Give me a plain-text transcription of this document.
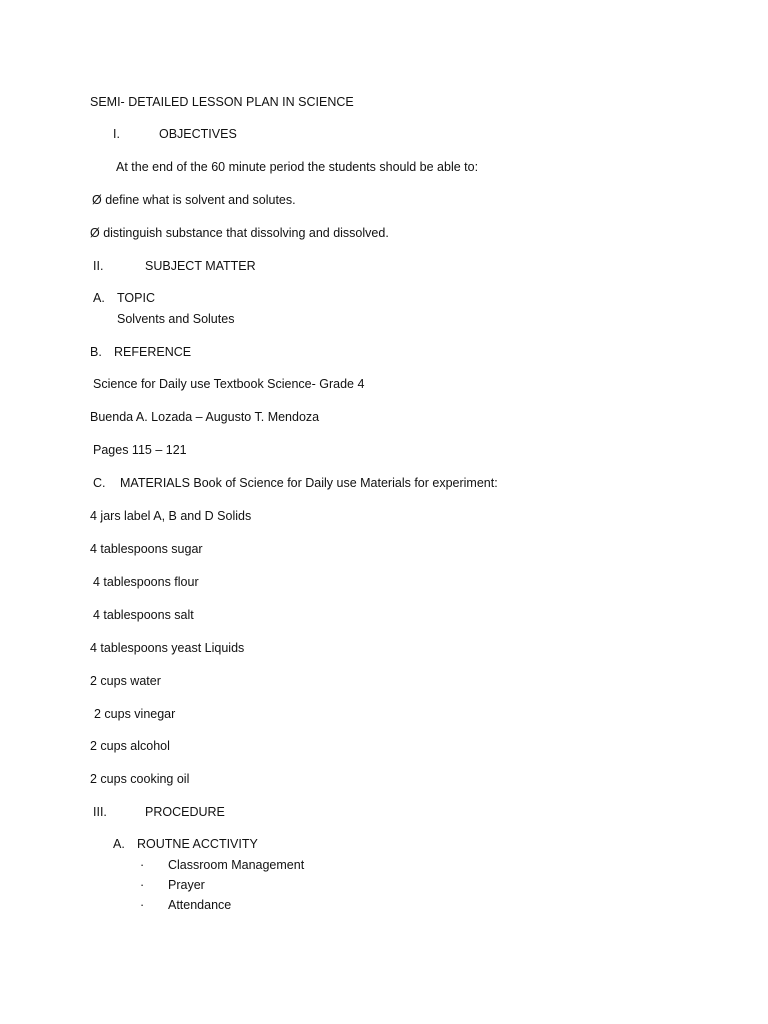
SEMI- DETAILED LESSON PLAN IN SCIENCE
I.	OBJECTIVES
At the end of the 60 minute period the students should be able to:
Ø define what is solvent and solutes.
Ø distinguish substance that dissolving and dissolved.
II.	SUBJECT MATTER
A. TOPIC
Solvents and Solutes
B. REFERENCE
Science for Daily use Textbook Science- Grade 4
Buenda A. Lozada – Augusto T. Mendoza
Pages 115 – 121
C. MATERIALS Book of Science for Daily use Materials for experiment:
4 jars label A, B and D Solids
4 tablespoons sugar
4 tablespoons flour
4 tablespoons salt
4 tablespoons yeast Liquids
2 cups water
2 cups vinegar
2 cups alcohol
2 cups cooking oil
III.	PROCEDURE
A. ROUTNE ACCTIVITY
· Classroom Management
· Prayer
· Attendance
